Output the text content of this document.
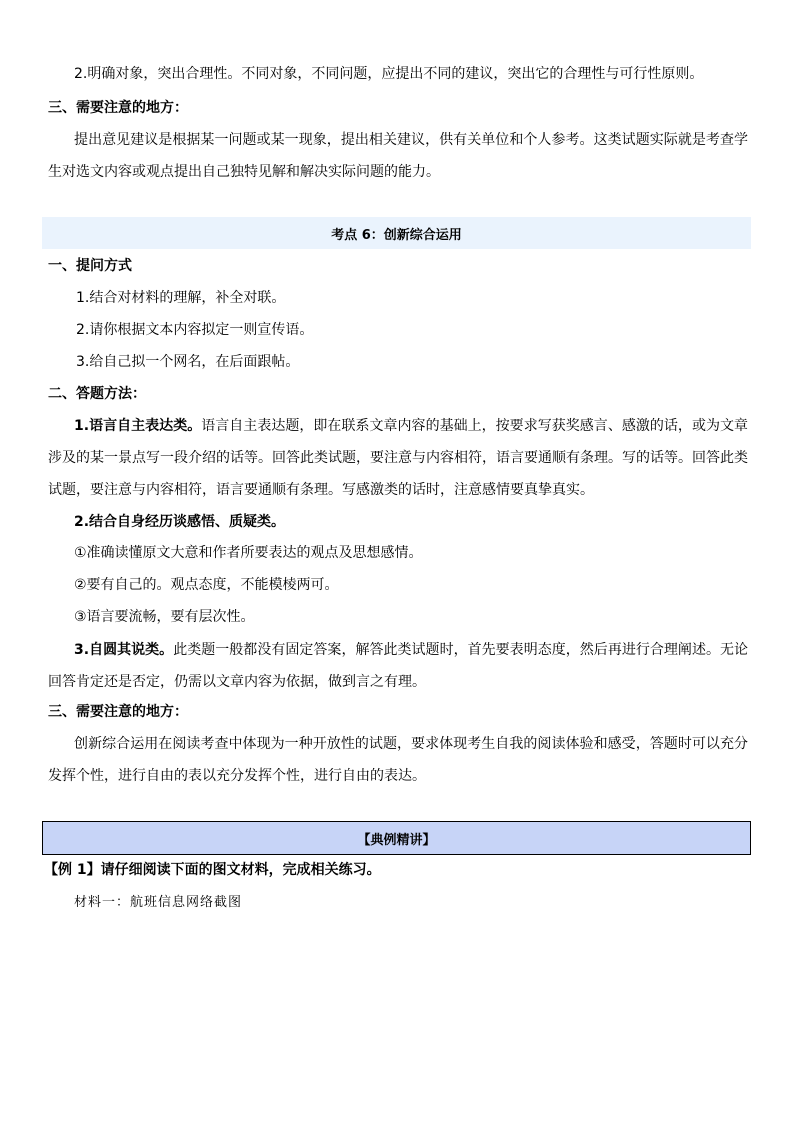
2.明确对象，突出合理性。不同对象，不同问题，应提出不同的建议，突出它的合理性与可行性原则。
三、需要注意的地方：
提出意见建议是根据某一问题或某一现象，提出相关建议，供有关单位和个人参考。这类试题实际就是考查学生对选文内容或观点提出自己独特见解和解决实际问题的能力。
考点 6：创新综合运用
一、提问方式
1.结合对材料的理解，补全对联。
2.请你根据文本内容拟定一则宣传语。
3.给自己拟一个网名，在后面跟帖。
二、答题方法：
1.语言自主表达类。语言自主表达题，即在联系文章内容的基础上，按要求写获奖感言、感激的话，或为文章涉及的某一景点写一段介绍的话等。回答此类试题，要注意与内容相符，语言要通顺有条理。写的话等。回答此类试题，要注意与内容相符，语言要通顺有条理。写感激类的话时，注意感情要真挚真实。
2.结合自身经历谈感悟、质疑类。
①准确读懂原文大意和作者所要表达的观点及思想感情。
②要有自己的。观点态度，不能模棱两可。
③语言要流畅，要有层次性。
3.自圆其说类。此类题一般都没有固定答案，解答此类试题时，首先要表明态度，然后再进行合理阐述。无论回答肯定还是否定，仍需以文章内容为依据，做到言之有理。
三、需要注意的地方：
创新综合运用在阅读考查中体现为一种开放性的试题，要求体现考生自我的阅读体验和感受，答题时可以充分发挥个性，进行自由的表以充分发挥个性，进行自由的表达。
【典例精讲】
【例 1】请仔细阅读下面的图文材料，完成相关练习。
材料一：航班信息网络截图
